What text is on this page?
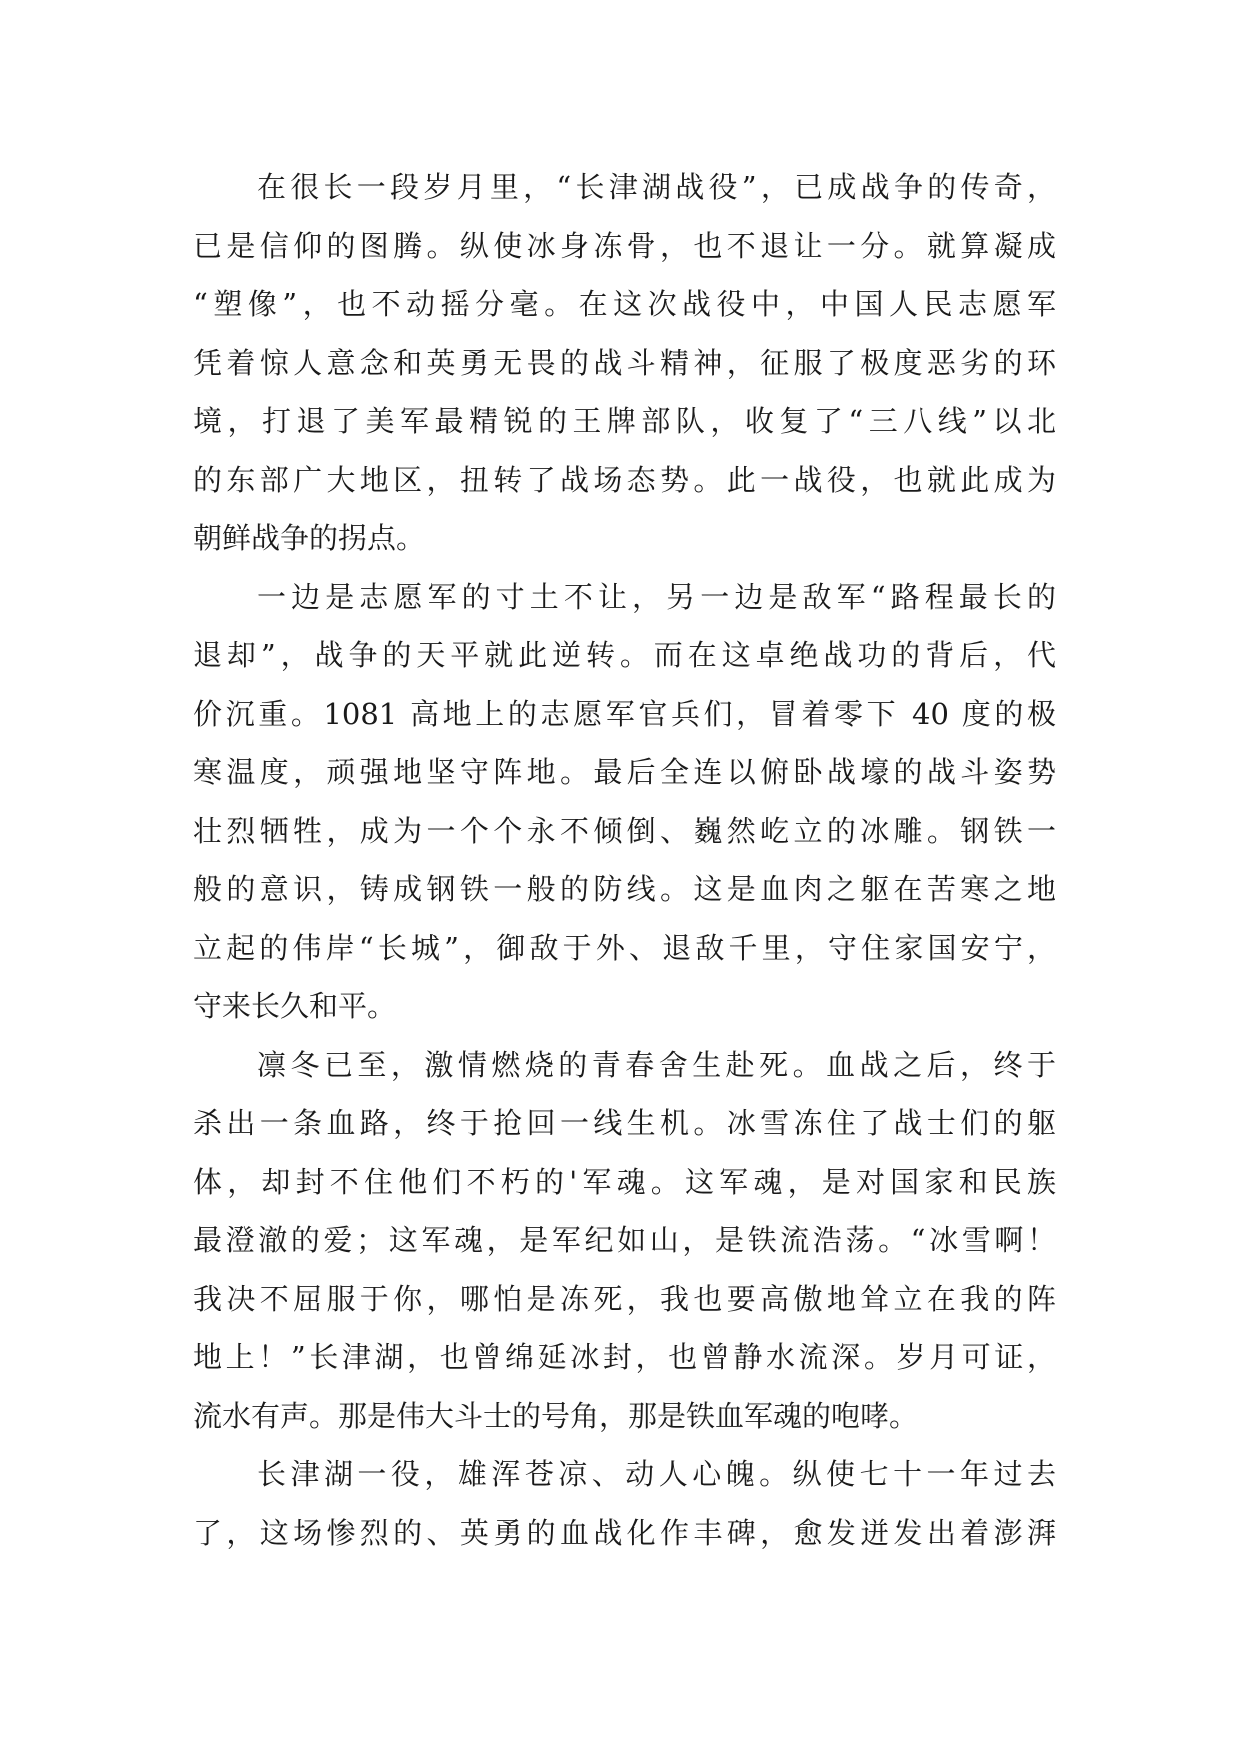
在很长一段岁月里，“长津湖战役”，已成战争的传奇，
已是信仰的图腾。纵使冰身冻骨，也不退让一分。就算凝成
“塑像”，也不动摇分毫。在这次战役中，中国人民志愿军
凭着惊人意念和英勇无畏的战斗精神，征服了极度恶劣的环
境，打退了美军最精锐的王牌部队，收复了“三八线”以北
的东部广大地区，扭转了战场态势。此一战役，也就此成为
朝鲜战争的拐点。
一边是志愿军的寸土不让，另一边是敌军“路程最长的
退却”，战争的天平就此逆转。而在这卓绝战功的背后，代
价沉重。1081 高地上的志愿军官兵们，冒着零下 40 度的极
寒温度，顽强地坚守阵地。最后全连以俯卧战壕的战斗姿势
壮烈牺牲，成为一个个永不倾倒、巍然屹立的冰雕。钢铁一
般的意识，铸成钢铁一般的防线。这是血肉之躯在苦寒之地
立起的伟岸“长城”，御敌于外、退敌千里，守住家国安宁，
守来长久和平。
凛冬已至，激情燃烧的青春舍生赴死。血战之后，终于
杀出一条血路，终于抢回一线生机。冰雪冻住了战士们的躯
体，却封不住他们不朽的'军魂。这军魂，是对国家和民族
最澄澈的爱；这军魂，是军纪如山，是铁流浩荡。“冰雪啊！
我决不屈服于你，哪怕是冻死，我也要高傲地耸立在我的阵
地上！”长津湖，也曾绵延冰封，也曾静水流深。岁月可证，
流水有声。那是伟大斗士的号角，那是铁血军魂的咆哮。
长津湖一役，雄浑苍凉、动人心魄。纵使七十一年过去
了，这场惨烈的、英勇的血战化作丰碑，愈发迸发出着澎湃
